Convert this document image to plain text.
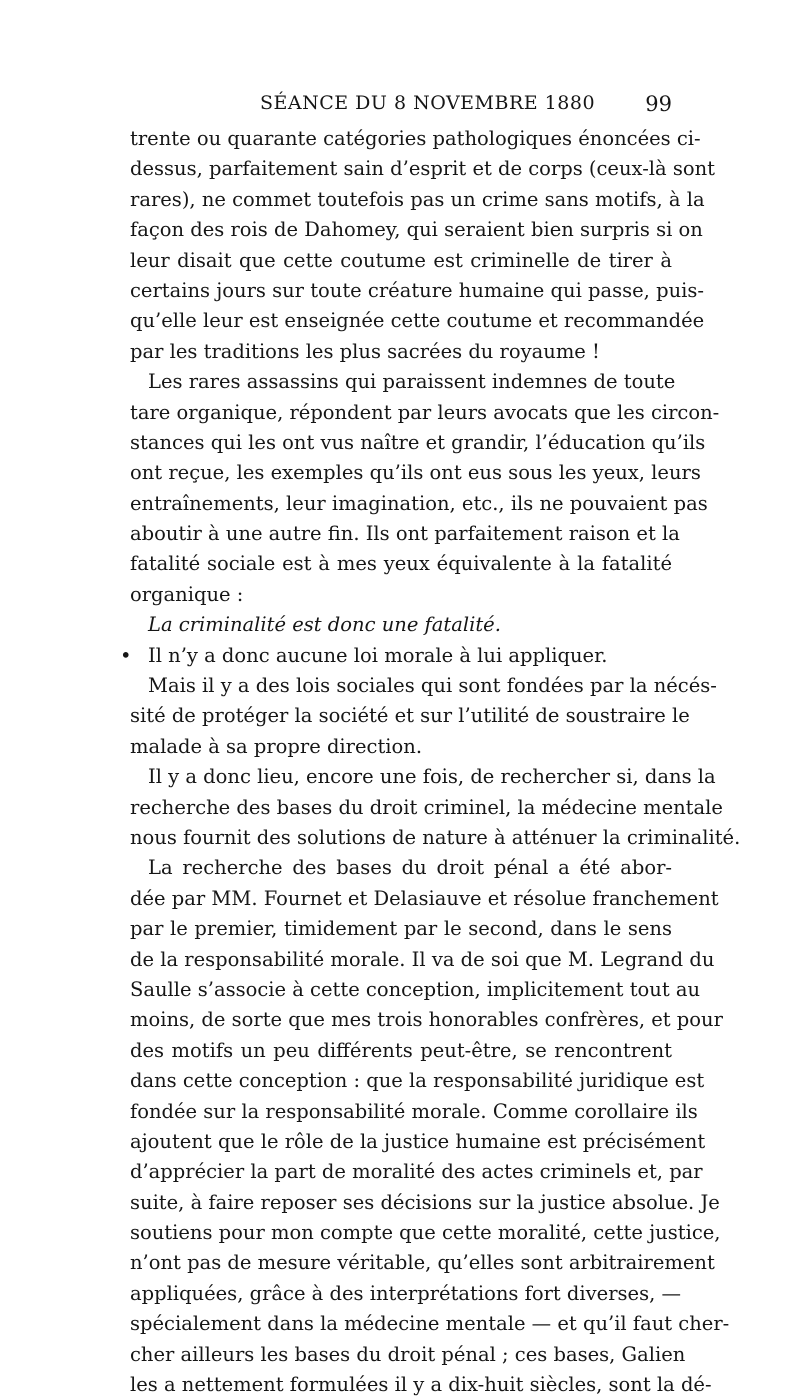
SÉANCE DU 8 NOVEMBRE 1880 99
trente ou quarante catégories pathologiques énoncées ci-
dessus, parfaitement sain d’esprit et de corps (ceux-là sont
rares), ne commet toutefois pas un crime sans motifs, à la
façon des rois de Dahomey, qui seraient bien surpris si on
leur disait que cette coutume est criminelle de tirer à
certains jours sur toute créature humaine qui passe, puis-
qu’elle leur est enseignée cette coutume et recommandée
par les traditions les plus sacrées du royaume !
Les rares assassins qui paraissent indemnes de toute
tare organique, répondent par leurs avocats que les circon-
stances qui les ont vus naître et grandir, l’éducation qu’ils
ont reçue, les exemples qu’ils ont eus sous les yeux, leurs
entraînements, leur imagination, etc., ils ne pouvaient pas
aboutir à une autre fin. Ils ont parfaitement raison et la
fatalité sociale est à mes yeux équivalente à la fatalité
organique :
La criminalité est donc une fatalité.
• Il n’y a donc aucune loi morale à lui appliquer.
Mais il y a des lois sociales qui sont fondées par la nécés-
sité de protéger la société et sur l’utilité de soustraire le
malade à sa propre direction.
Il y a donc lieu, encore une fois, de rechercher si, dans la
recherche des bases du droit criminel, la médecine mentale
nous fournit des solutions de nature à atténuer la criminalité.
La recherche des bases du droit pénal a été abor-
dée par MM. Fournet et Delasiauve et résolue franchement
par le premier, timidement par le second, dans le sens
de la responsabilité morale. Il va de soi que M. Legrand du
Saulle s’associe à cette conception, implicitement tout au
moins, de sorte que mes trois honorables confrères, et pour
des motifs un peu différents peut-être, se rencontrent
dans cette conception : que la responsabilité juridique est
fondée sur la responsabilité morale. Comme corollaire ils
ajoutent que le rôle de la justice humaine est précisément
d’apprécier la part de moralité des actes criminels et, par
suite, à faire reposer ses décisions sur la justice absolue. Je
soutiens pour mon compte que cette moralité, cette justice,
n’ont pas de mesure véritable, qu’elles sont arbitrairement
appliquées, grâce à des interprétations fort diverses, —
spécialement dans la médecine mentale — et qu’il faut cher-
cher ailleurs les bases du droit pénal ; ces bases, Galien
les a nettement formulées il y a dix-huit siècles, sont la dé-
